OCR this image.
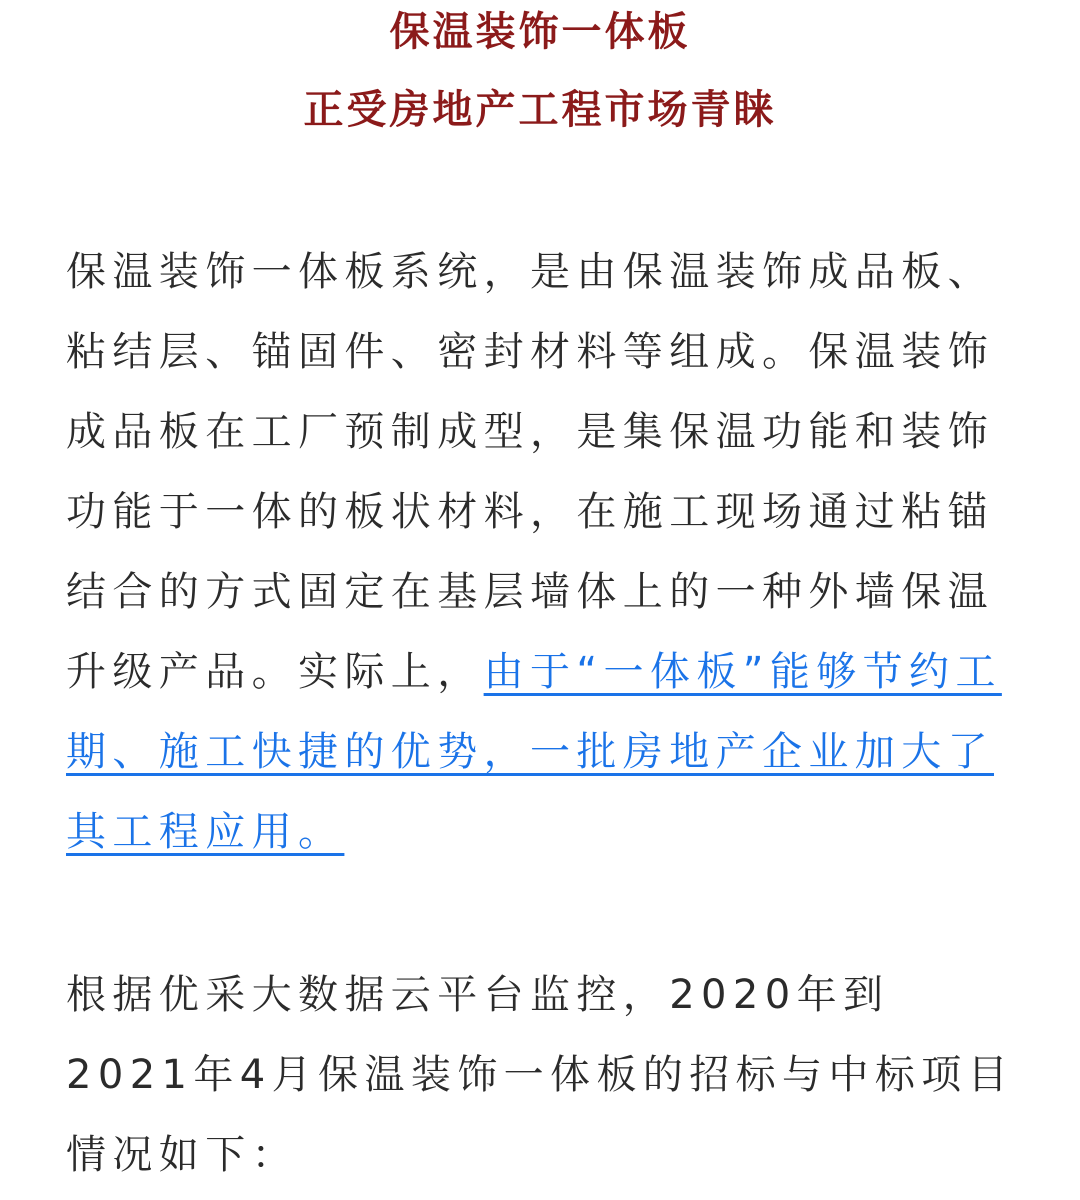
保温装饰一体板
正受房地产工程市场青睐

保温装饰一体板系统，是由保温装饰成品板、粘结层、锚固件、密封材料等组成。保温装饰成品板在工厂预制成型，是集保温功能和装饰功能于一体的板状材料，在施工现场通过粘锚结合的方式固定在基层墙体上的一种外墙保温升级产品。实际上，由于“一体板”能够节约工期、施工快捷的优势，一批房地产企业加大了其工程应用。

根据优采大数据云平台监控，2020年到2021年4月保温装饰一体板的招标与中标项目情况如下：
